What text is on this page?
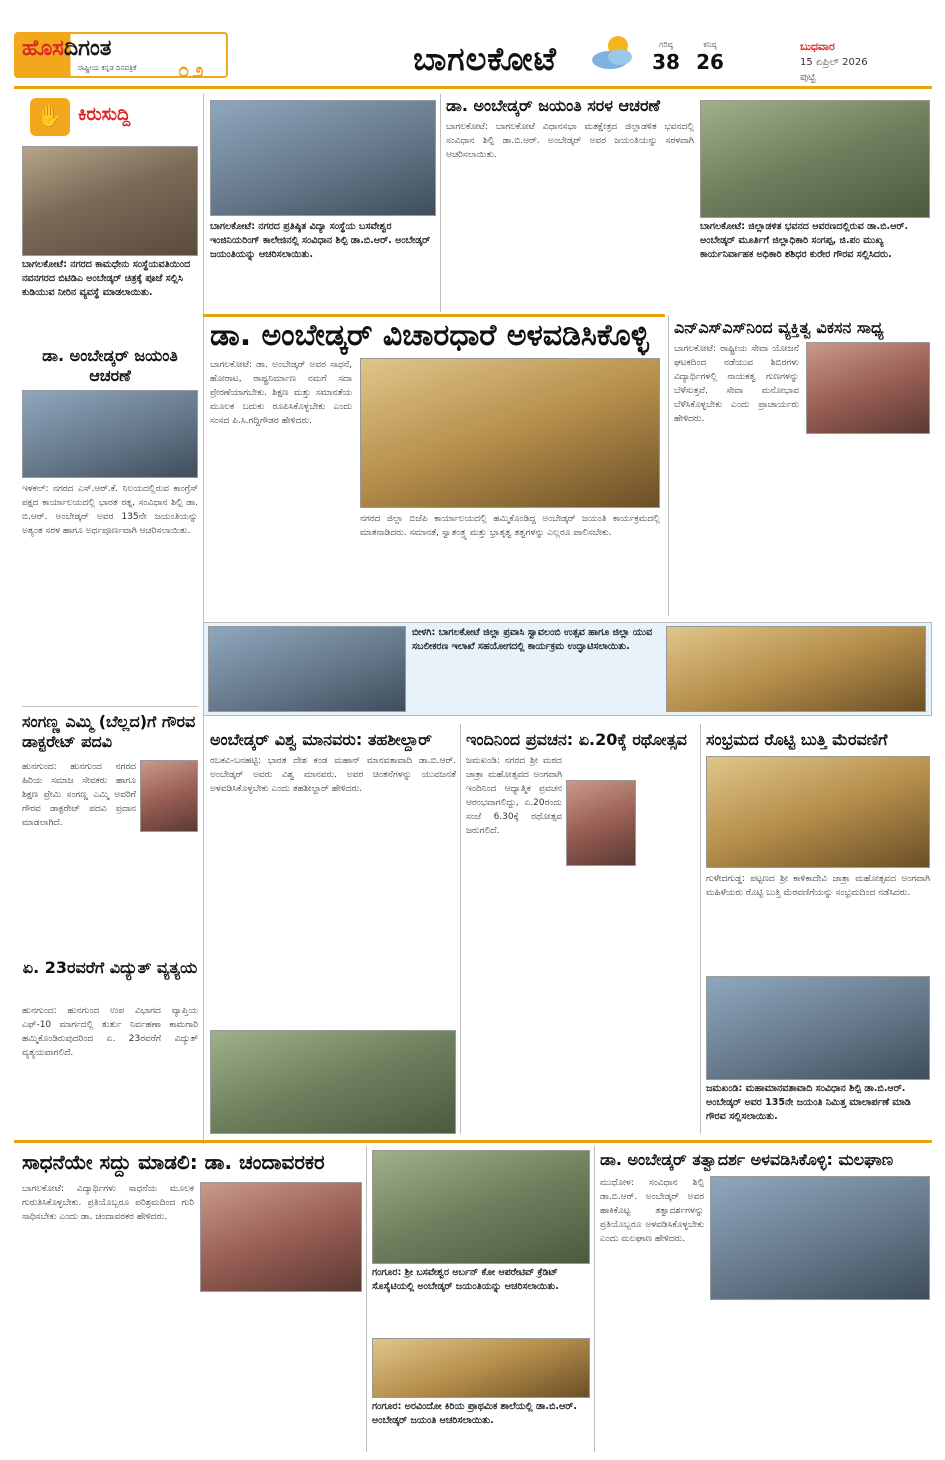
ಹೊಸದಿಗಂತ
ರಾಷ್ಟ್ರೀಯ ಕನ್ನಡ ದಿನಪತ್ರಿಕೆ ೦೨	ಬಾಗಲಕೋಟೆ	ಗರಿಷ್ಠ
38
ಕನಿಷ್ಠ
26
ಬುಧವಾರ
15 ಏಪ್ರಿಲ್ 2026
ಪುಟ್ಟಿ
✋ ಕಿರುಸುದ್ದಿ
ಬಾಗಲಕೋಟೆ: ನಗರದ ಕಾಮಧೇನು ಸಂಸ್ಥೆಯವತಿಯಿಂದ ನವನಗರದ ಬಿಟಿಡಿಎ ಅಂಬೇಡ್ಕರ್ ಚಿತ್ರಕ್ಕೆ ಪೂಜೆ ಸಲ್ಲಿಸಿ ಕುಡಿಯುವ ನೀರಿನ ವ್ಯವಸ್ಥೆ ಮಾಡಲಾಯಿತು.
ಡಾ. ಅಂಬೇಡ್ಕರ್ ಜಯಂತಿ ಆಚರಣೆ
ಇಳಕಲ್: ನಗರದ ಎಸ್.ಆರ್.ಕೆ. ನಿಲಯದಲ್ಲಿರುವ ಕಾಂಗ್ರೆಸ್ ಪಕ್ಷದ ಕಾರ್ಯಾಲಯದಲ್ಲಿ ಭಾರತ ರತ್ನ, ಸಂವಿಧಾನ ಶಿಲ್ಪಿ ಡಾ. ಬಿ.ಆರ್. ಅಂಬೇಡ್ಕರ್ ಅವರ 135ನೇ ಜಯಂತಿಯನ್ನು ಅತ್ಯಂತ ಸರಳ ಹಾಗೂ ಅರ್ಥಪೂರ್ಣವಾಗಿ ಆಚರಿಸಲಾಯಿತು.
ಸಂಗಣ್ಣ ಎಮ್ಮಿ (ಬೆಲ್ಲದ)ಗೆ ಗೌರವ ಡಾಕ್ಟರೇಟ್ ಪದವಿ
ಹುನಗುಂದ: ಹುನಗುಂದ ನಗರದ ಹಿರಿಯ ಸಮಾಜ ಸೇವಕರು ಹಾಗೂ ಶಿಕ್ಷಣ ಪ್ರೇಮಿ ಸಂಗಣ್ಣ ಎಮ್ಮಿ ಅವರಿಗೆ ಗೌರವ ಡಾಕ್ಟರೇಟ್ ಪದವಿ ಪ್ರದಾನ ಮಾಡಲಾಗಿದೆ.
ಏ. 23ರವರೆಗೆ ವಿದ್ಯುತ್ ವ್ಯತ್ಯಯ
ಹುನಗುಂದ: ಹುನಗುಂದ ಉಪ ವಿಭಾಗದ ವ್ಯಾಪ್ತಿಯ ಎಫ್-10 ಮಾರ್ಗದಲ್ಲಿ ತುರ್ತು ನಿರ್ವಹಣಾ ಕಾಮಗಾರಿ ಹಮ್ಮಿಕೊಂಡಿರುವುದರಿಂದ ಏ. 23ರವರೆಗೆ ವಿದ್ಯುತ್ ವ್ಯತ್ಯಯವಾಗಲಿದೆ.
ಬಾಗಲಕೋಟೆ: ನಗರದ ಪ್ರತಿಷ್ಠಿತ ವಿದ್ಯಾ ಸಂಸ್ಥೆಯ ಬಸವೇಶ್ವರ ಇಂಜಿನಿಯರಿಂಗ್ ಕಾಲೇಜಿನಲ್ಲಿ ಸಂವಿಧಾನ ಶಿಲ್ಪಿ ಡಾ.ಬಿ.ಆರ್. ಅಂಬೇಡ್ಕರ್ ಜಯಂತಿಯನ್ನು ಆಚರಿಸಲಾಯಿತು.
ಡಾ. ಅಂಬೇಡ್ಕರ್ ಜಯಂತಿ ಸರಳ ಆಚರಣೆ
ಬಾಗಲಕೋಟೆ: ಬಾಗಲಕೋಟೆ ವಿಧಾನಸಭಾ ಮತಕ್ಷೇತ್ರದ ಜಿಲ್ಲಾಡಳಿತ ಭವನದಲ್ಲಿ ಸಂವಿಧಾನ ಶಿಲ್ಪಿ ಡಾ.ಬಿ.ಆರ್. ಅಂಬೇಡ್ಕರ್ ಅವರ ಜಯಂತಿಯನ್ನು ಸರಳವಾಗಿ ಆಚರಿಸಲಾಯಿತು.
ಬಾಗಲಕೋಟೆ: ಜಿಲ್ಲಾಡಳಿತ ಭವನದ ಆವರಣದಲ್ಲಿರುವ ಡಾ.ಬಿ.ಆರ್. ಅಂಬೇಡ್ಕರ್ ಮೂರ್ತಿಗೆ ಜಿಲ್ಲಾಧಿಕಾರಿ ಸಂಗಪ್ಪ, ಜಿ.ಪಂ ಮುಖ್ಯ ಕಾರ್ಯನಿರ್ವಾಹಕ ಅಧಿಕಾರಿ ಶಶಿಧರ ಕುರೇರ ಗೌರವ ಸಲ್ಲಿಸಿದರು.
ಡಾ. ಅಂಬೇಡ್ಕರ್ ವಿಚಾರಧಾರೆ ಅಳವಡಿಸಿಕೊಳ್ಳಿ
ಬಾಗಲಕೋಟೆ: ಡಾ. ಅಂಬೇಡ್ಕರ್ ಅವರ ಸಾಧನೆ, ಹೋರಾಟ, ರಾಷ್ಟ್ರನಿರ್ಮಾಣ ನಮಗೆ ಸದಾ ಪ್ರೇರಣೆಯಾಗಬೇಕು. ಶಿಕ್ಷಣ ಮತ್ತು ಸಮಾನತೆಯ ಮೂಲಕ ಬದುಕು ರೂಪಿಸಿಕೊಳ್ಳಬೇಕು ಎಂದು ಸಂಸದ ಪಿ.ಸಿ.ಗದ್ದಿಗೌಡರ ಹೇಳಿದರು.
ನಗರದ ಜಿಲ್ಲಾ ಬಿಜೆಪಿ ಕಾರ್ಯಾಲಯದಲ್ಲಿ ಹಮ್ಮಿಕೊಂಡಿದ್ದ ಅಂಬೇಡ್ಕರ್ ಜಯಂತಿ ಕಾರ್ಯಕ್ರಮದಲ್ಲಿ ಮಾತನಾಡಿದರು. ಸಮಾನತೆ, ಸ್ವಾತಂತ್ರ್ಯ ಮತ್ತು ಭ್ರಾತೃತ್ವ ತತ್ವಗಳನ್ನು ಎಲ್ಲರೂ ಪಾಲಿಸಬೇಕು.
ಎನ್‌ಎಸ್‌ಎಸ್‌ನಿಂದ ವ್ಯಕ್ತಿತ್ವ ವಿಕಸನ ಸಾಧ್ಯ
ಬಾಗಲಕೋಟೆ: ರಾಷ್ಟ್ರೀಯ ಸೇವಾ ಯೋಜನೆ ಘಟಕದಿಂದ ನಡೆಯುವ ಶಿಬಿರಗಳು ವಿದ್ಯಾರ್ಥಿಗಳಲ್ಲಿ ನಾಯಕತ್ವ ಗುಣಗಳನ್ನು ಬೆಳೆಸುತ್ತವೆ. ಸೇವಾ ಮನೋಭಾವ ಬೆಳೆಸಿಕೊಳ್ಳಬೇಕು ಎಂದು ಪ್ರಾಚಾರ್ಯರು ಹೇಳಿದರು.
ಬೀಳಗಿ: ಬಾಗಲಕೋಟೆ ಜಿಲ್ಲಾ ಪ್ರವಾಸಿ ಸ್ವಾವಲಂಬಿ ಉತ್ಸವ ಹಾಗೂ ಜಿಲ್ಲಾ ಯುವ ಸಬಲೀಕರಣ ಇಲಾಖೆ ಸಹಯೋಗದಲ್ಲಿ ಕಾರ್ಯಕ್ರಮ ಉದ್ಘಾಟಿಸಲಾಯಿತು.
ಅಂಬೇಡ್ಕರ್ ವಿಶ್ವ ಮಾನವರು: ತಹಶೀಲ್ದಾರ್
ರಬಕವಿ-ಬನಹಟ್ಟಿ: ಭಾರತ ದೇಶ ಕಂಡ ಮಹಾನ್ ಮಾನವತಾವಾದಿ ಡಾ.ಬಿ.ಆರ್. ಅಂಬೇಡ್ಕರ್ ಅವರು ವಿಶ್ವ ಮಾನವರು. ಅವರ ಚಿಂತನೆಗಳನ್ನು ಯುವಜನತೆ ಅಳವಡಿಸಿಕೊಳ್ಳಬೇಕು ಎಂದು ತಹಶೀಲ್ದಾರ್ ಹೇಳಿದರು.
ಇಂದಿನಿಂದ ಪ್ರವಚನ: ಏ.20ಕ್ಕೆ ರಥೋತ್ಸವ
ಜಮಖಂಡಿ: ನಗರದ ಶ್ರೀ ಮಠದ ಜಾತ್ರಾ ಮಹೋತ್ಸವದ ಅಂಗವಾಗಿ ಇಂದಿನಿಂದ ಆಧ್ಯಾತ್ಮಿಕ ಪ್ರವಚನ ಆರಂಭವಾಗಲಿದ್ದು, ಏ.20ರಂದು ಸಂಜೆ 6.30ಕ್ಕೆ ರಥೋತ್ಸವ ಜರುಗಲಿದೆ.
ಸಂಭ್ರಮದ ರೊಟ್ಟಿ ಬುತ್ತಿ ಮೆರವಣಿಗೆ
ಗುಳೇದಗುಡ್ಡ: ಪಟ್ಟಣದ ಶ್ರೀ ಕಾಳಿಕಾದೇವಿ ಜಾತ್ರಾ ಮಹೋತ್ಸವದ ಅಂಗವಾಗಿ ಮಹಿಳೆಯರು ರೊಟ್ಟಿ ಬುತ್ತಿ ಮೆರವಣಿಗೆಯನ್ನು ಸಂಭ್ರಮದಿಂದ ನಡೆಸಿದರು.
ಜಮಖಂಡಿ: ಮಹಾಮಾನವತಾವಾದಿ ಸಂವಿಧಾನ ಶಿಲ್ಪಿ ಡಾ.ಬಿ.ಆರ್. ಅಂಬೇಡ್ಕರ್ ಅವರ 135ನೇ ಜಯಂತಿ ನಿಮಿತ್ತ ಮಾಲಾರ್ಪಣೆ ಮಾಡಿ ಗೌರವ ಸಲ್ಲಿಸಲಾಯಿತು.
ಸಾಧನೆಯೇ ಸದ್ದು ಮಾಡಲಿ: ಡಾ. ಚಂದಾವರಕರ
ಬಾಗಲಕೋಟೆ: ವಿದ್ಯಾರ್ಥಿಗಳು ಸಾಧನೆಯ ಮೂಲಕ ಗುರುತಿಸಿಕೊಳ್ಳಬೇಕು. ಪ್ರತಿಯೊಬ್ಬರೂ ಪರಿಶ್ರಮದಿಂದ ಗುರಿ ಸಾಧಿಸಬೇಕು ಎಂದು ಡಾ. ಚಂದಾವರಕರ ಹೇಳಿದರು.
ಗಂಗೂರ: ಶ್ರೀ ಬಸವೇಶ್ವರ ಅರ್ಬನ್ ಕೋ ಆಪರೇಟಿವ್ ಕ್ರೆಡಿಟ್ ಸೊಸೈಟಿಯಲ್ಲಿ ಅಂಬೇಡ್ಕರ್ ಜಯಂತಿಯನ್ನು ಆಚರಿಸಲಾಯಿತು.
ಗಂಗೂರ: ಅರವಿಂದೋ ಕಿರಿಯ ಪ್ರಾಥಮಿಕ ಶಾಲೆಯಲ್ಲಿ ಡಾ.ಬಿ.ಆರ್. ಅಂಬೇಡ್ಕರ್ ಜಯಂತಿ ಆಚರಿಸಲಾಯಿತು.
ಡಾ. ಅಂಬೇಡ್ಕರ್ ತತ್ವಾದರ್ಶ ಅಳವಡಿಸಿಕೊಳ್ಳಿ: ಮಲಘಾಣ
ಮುಧೋಳ: ಸಂವಿಧಾನ ಶಿಲ್ಪಿ ಡಾ.ಬಿ.ಆರ್. ಅಂಬೇಡ್ಕರ್ ಅವರ ಹಾಕಿಕೊಟ್ಟ ತತ್ವಾದರ್ಶಗಳನ್ನು ಪ್ರತಿಯೊಬ್ಬರೂ ಅಳವಡಿಸಿಕೊಳ್ಳಬೇಕು ಎಂದು ಮಲಘಾಣ ಹೇಳಿದರು.
